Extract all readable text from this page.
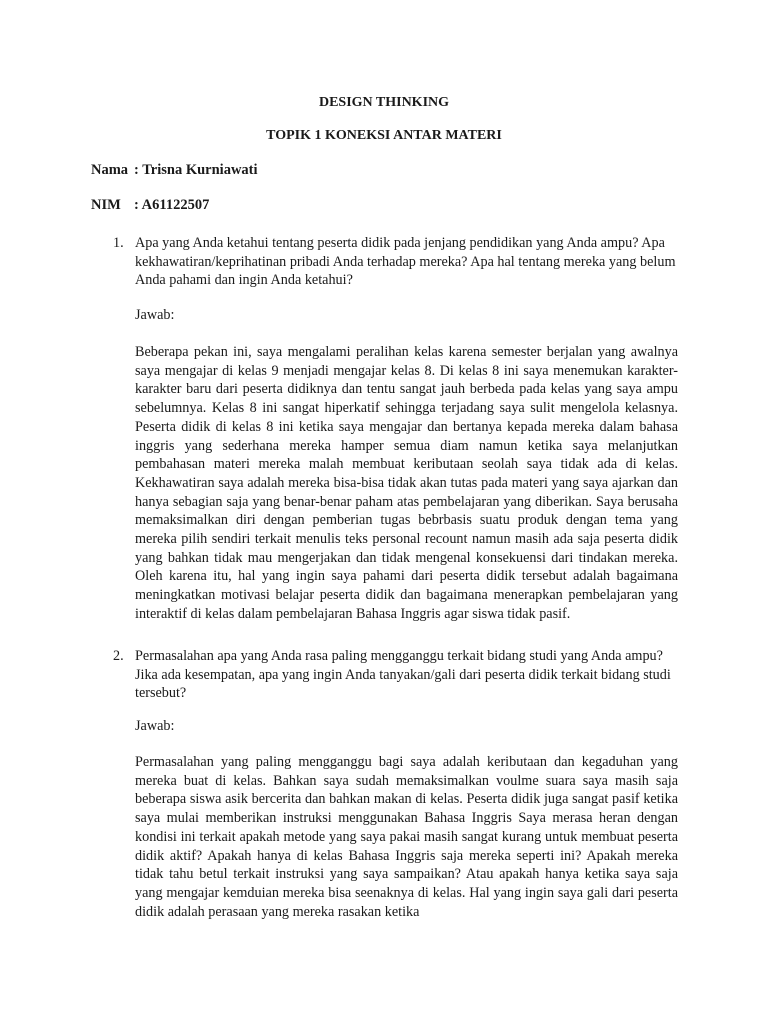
DESIGN THINKING
TOPIK 1 KONEKSI ANTAR MATERI
Nama : Trisna Kurniawati
NIM : A61122507
1. Apa yang Anda ketahui tentang peserta didik pada jenjang pendidikan yang Anda ampu? Apa kekhawatiran/keprihatinan pribadi Anda terhadap mereka? Apa hal tentang mereka yang belum Anda pahami dan ingin Anda ketahui?

Jawab:

Beberapa pekan ini, saya mengalami peralihan kelas karena semester berjalan yang awalnya saya mengajar di kelas 9 menjadi mengajar kelas 8. Di kelas 8 ini saya menemukan karakter-karakter baru dari peserta didiknya dan tentu sangat jauh berbeda pada kelas yang saya ampu sebelumnya. Kelas 8 ini sangat hiperkatif sehingga terjadang saya sulit mengelola kelasnya. Peserta didik di kelas 8 ini ketika saya mengajar dan bertanya kepada mereka dalam bahasa inggris yang sederhana mereka hamper semua diam namun ketika saya melanjutkan pembahasan materi mereka malah membuat keributaan seolah saya tidak ada di kelas. Kekhawatiran saya adalah mereka bisa-bisa tidak akan tutas pada materi yang saya ajarkan dan hanya sebagian saja yang benar-benar paham atas pembelajaran yang diberikan. Saya berusaha memaksimalkan diri dengan pemberian tugas bebrbasis suatu produk dengan tema yang mereka pilih sendiri terkait menulis teks personal recount namun masih ada saja peserta didik yang bahkan tidak mau mengerjakan dan tidak mengenal konsekuensi dari tindakan mereka. Oleh karena itu, hal yang ingin saya pahami dari peserta didik tersebut adalah bagaimana meningkatkan motivasi belajar peserta didik dan bagaimana menerapkan pembelajaran yang interaktif di kelas dalam pembelajaran Bahasa Inggris agar siswa tidak pasif.

2. Permasalahan apa yang Anda rasa paling mengganggu terkait bidang studi yang Anda ampu? Jika ada kesempatan, apa yang ingin Anda tanyakan/gali dari peserta didik terkait bidang studi tersebut?

Jawab:

Permasalahan yang paling mengganggu bagi saya adalah keributaan dan kegaduhan yang mereka buat di kelas. Bahkan saya sudah memaksimalkan voulme suara saya masih saja beberapa siswa asik bercerita dan bahkan makan di kelas. Peserta didik juga sangat pasif ketika saya mulai memberikan instruksi menggunakan Bahasa Inggris Saya merasa heran dengan kondisi ini terkait apakah metode yang saya pakai masih sangat kurang untuk membuat peserta didik aktif? Apakah hanya di kelas Bahasa Inggris saja mereka seperti ini? Apakah mereka tidak tahu betul terkait instruksi yang saya sampaikan? Atau apakah hanya ketika saya saja yang mengajar kemduian mereka bisa seenaknya di kelas. Hal yang ingin saya gali dari peserta didik adalah perasaan yang mereka rasakan ketika
